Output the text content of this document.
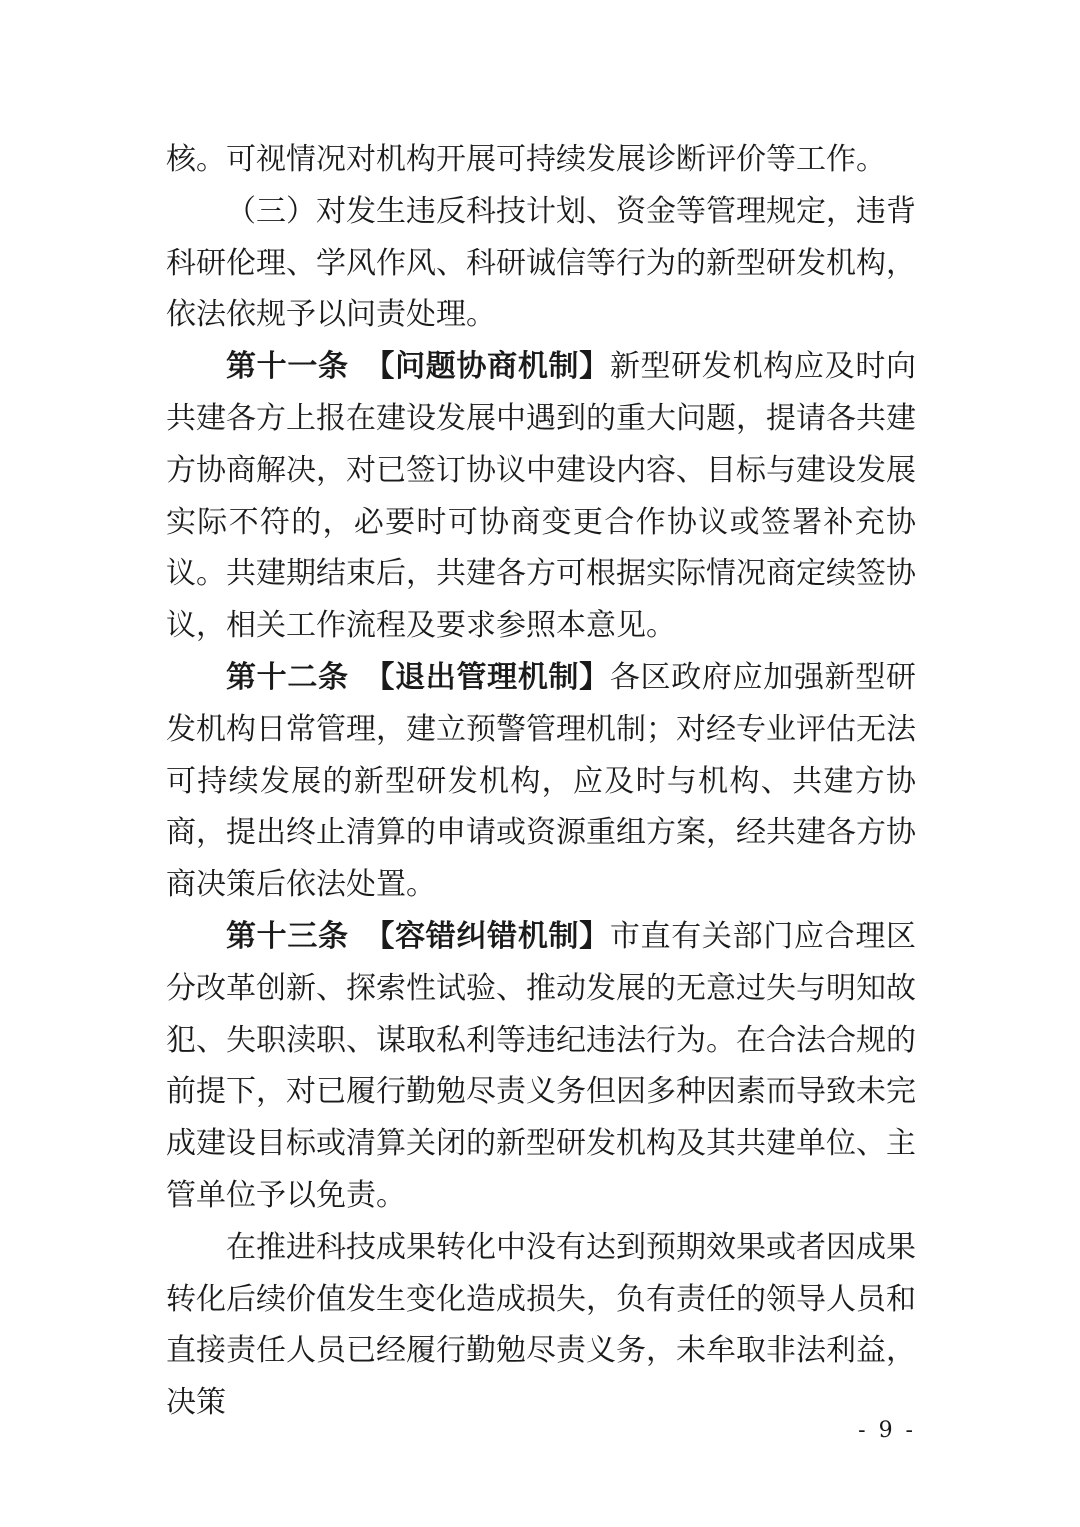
核。可视情况对机构开展可持续发展诊断评价等工作。

（三）对发生违反科技计划、资金等管理规定，违背科研伦理、学风作风、科研诚信等行为的新型研发机构，依法依规予以问责处理。

第十一条　【问题协商机制】新型研发机构应及时向共建各方上报在建设发展中遇到的重大问题，提请各共建方协商解决，对已签订协议中建设内容、目标与建设发展实际不符的，必要时可协商变更合作协议或签署补充协议。共建期结束后，共建各方可根据实际情况商定续签协议，相关工作流程及要求参照本意见。

第十二条　【退出管理机制】各区政府应加强新型研发机构日常管理，建立预警管理机制；对经专业评估无法可持续发展的新型研发机构，应及时与机构、共建方协商，提出终止清算的申请或资源重组方案，经共建各方协商决策后依法处置。

第十三条　【容错纠错机制】市直有关部门应合理区分改革创新、探索性试验、推动发展的无意过失与明知故犯、失职渎职、谋取私利等违纪违法行为。在合法合规的前提下，对已履行勤勉尽责义务但因多种因素而导致未完成建设目标或清算关闭的新型研发机构及其共建单位、主管单位予以免责。

在推进科技成果转化中没有达到预期效果或者因成果转化后续价值发生变化造成损失，负有责任的领导人员和直接责任人员已经履行勤勉尽责义务，未牟取非法利益，决策

- 9 -
